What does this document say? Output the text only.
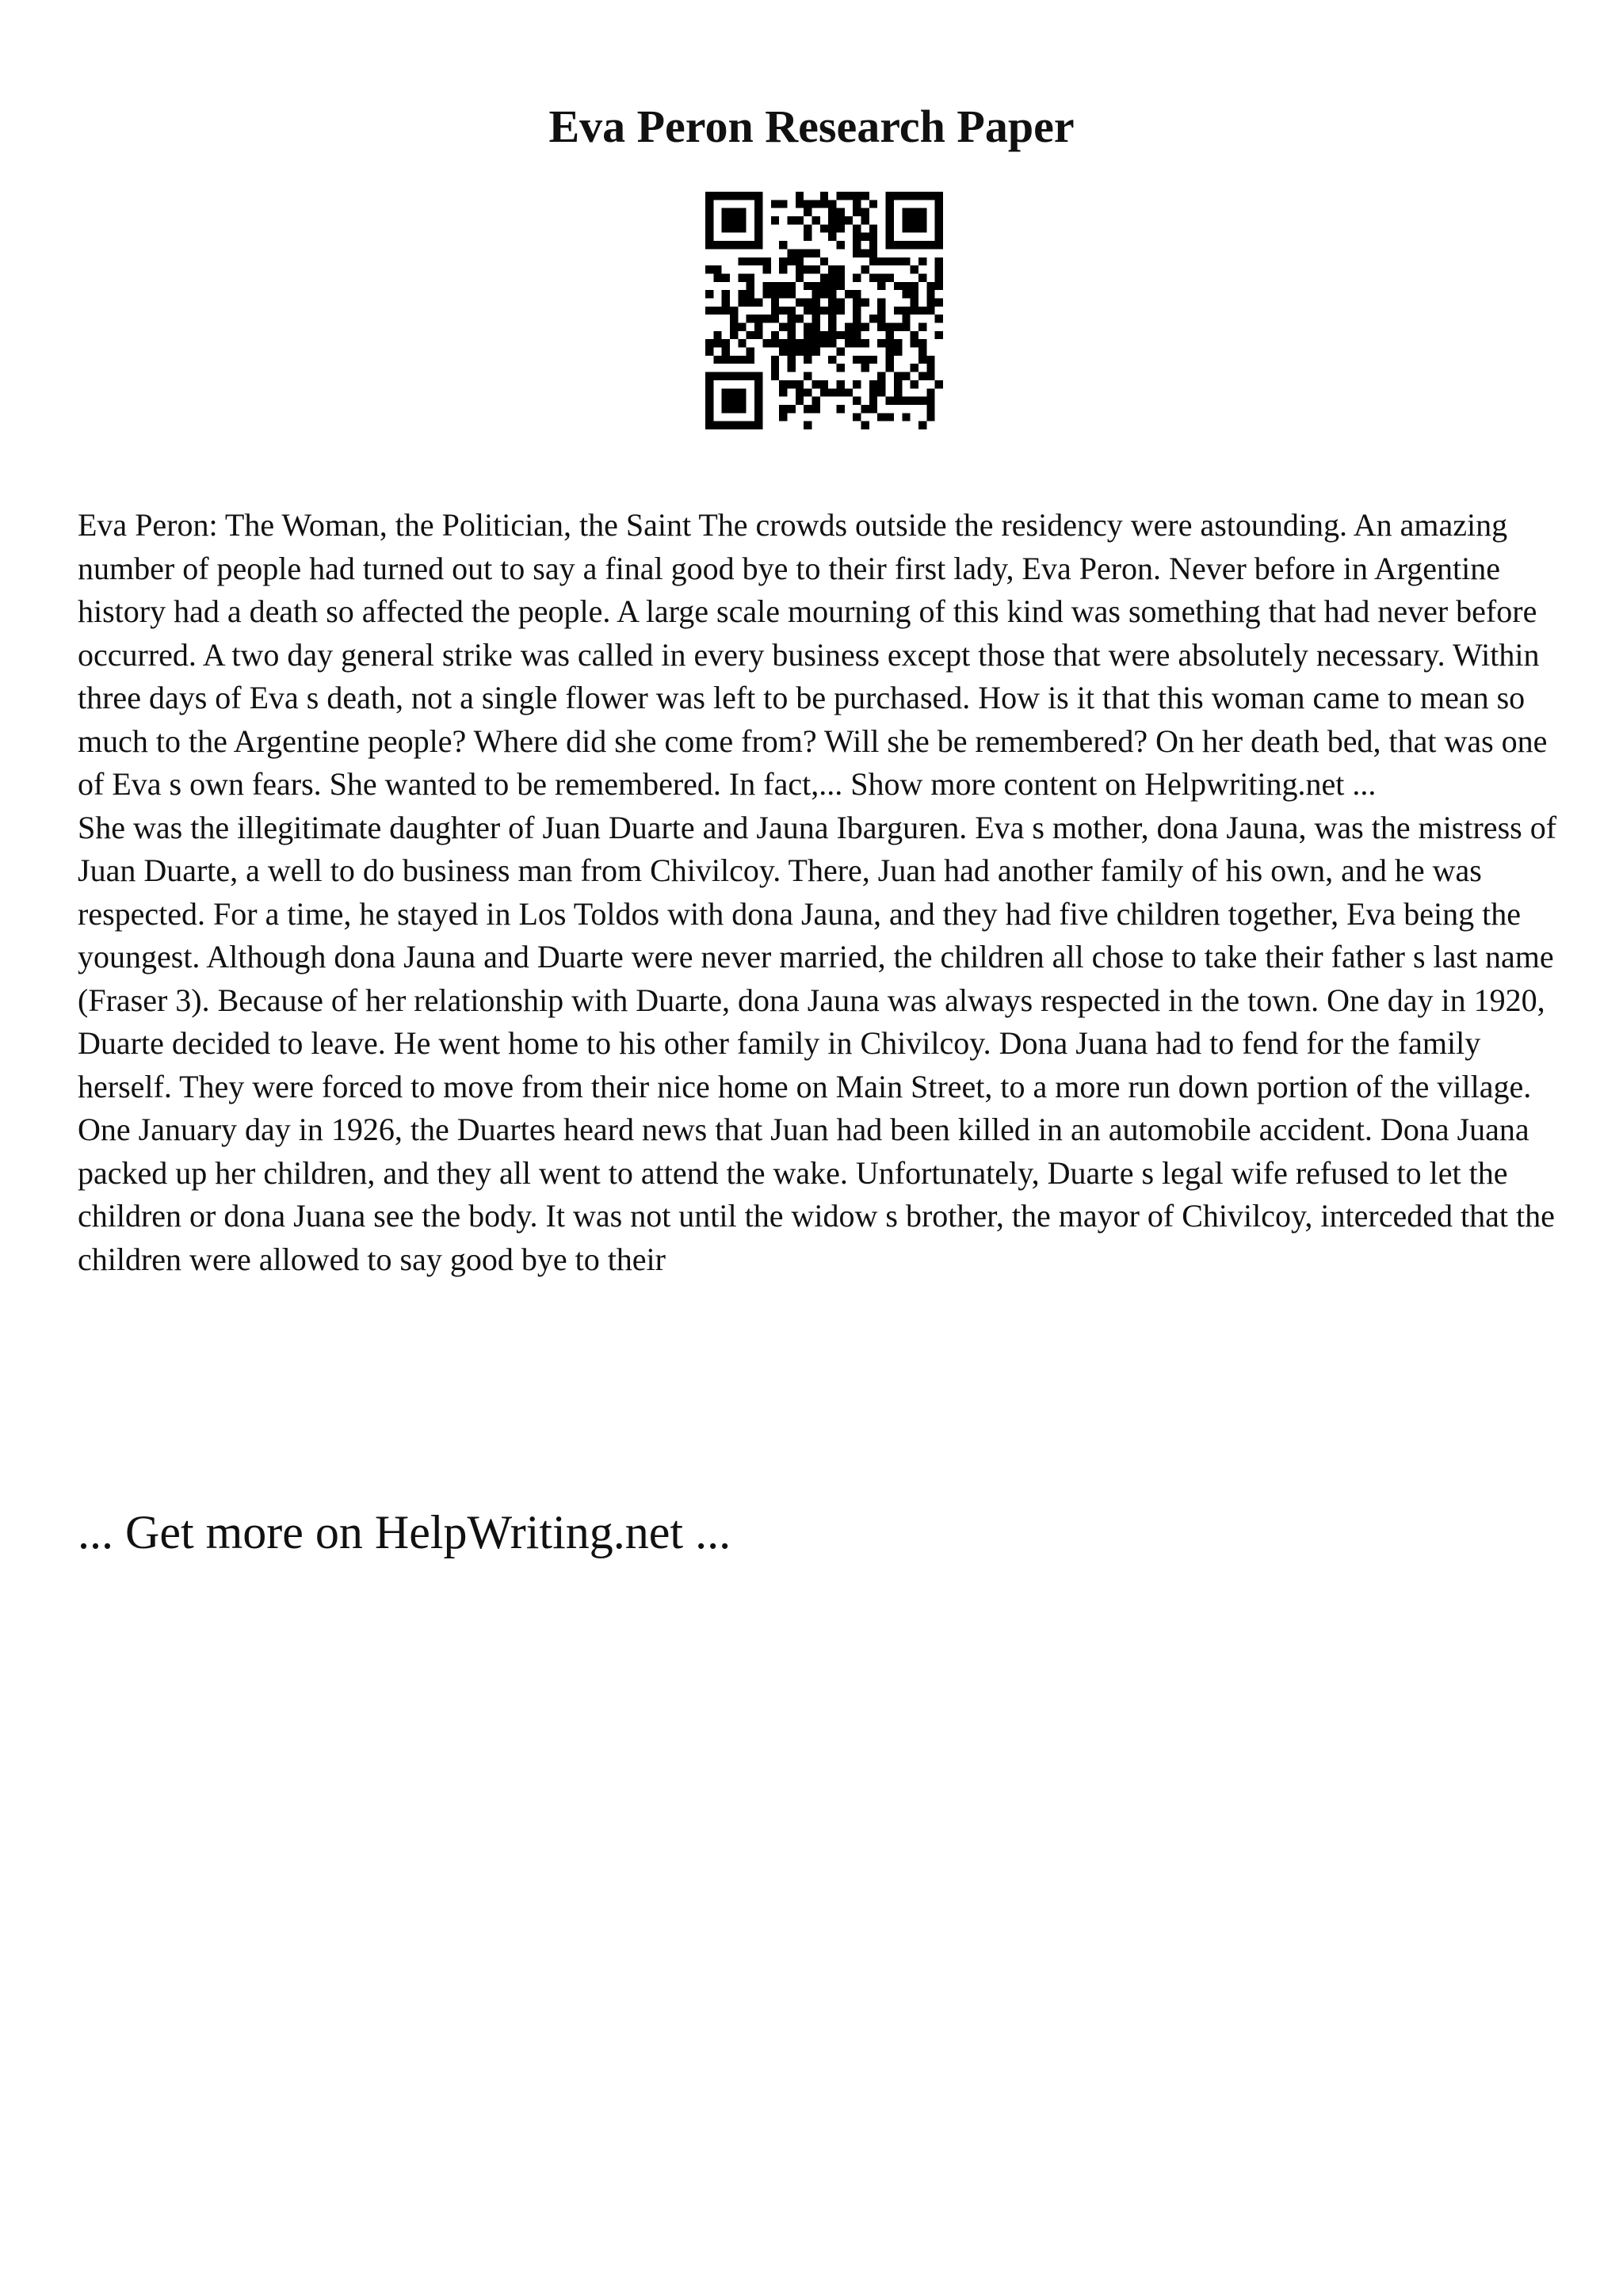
Eva Peron Research Paper

Eva Peron: The Woman, the Politician, the Saint The crowds outside the residency were astounding. An amazing number of people had turned out to say a final good bye to their first lady, Eva Peron. Never before in Argentine history had a death so affected the people. A large scale mourning of this kind was something that had never before occurred. A two day general strike was called in every business except those that were absolutely necessary. Within three days of Eva s death, not a single flower was left to be purchased. How is it that this woman came to mean so much to the Argentine people? Where did she come from? Will she be remembered? On her death bed, that was one of Eva s own fears. She wanted to be remembered. In fact,... Show more content on Helpwriting.net ...

She was the illegitimate daughter of Juan Duarte and Jauna Ibarguren. Eva s mother, dona Jauna, was the mistress of Juan Duarte, a well to do business man from Chivilcoy. There, Juan had another family of his own, and he was respected. For a time, he stayed in Los Toldos with dona Jauna, and they had five children together, Eva being the youngest. Although dona Jauna and Duarte were never married, the children all chose to take their father s last name (Fraser 3). Because of her relationship with Duarte, dona Jauna was always respected in the town. One day in 1920, Duarte decided to leave. He went home to his other family in Chivilcoy. Dona Juana had to fend for the family herself. They were forced to move from their nice home on Main Street, to a more run down portion of the village. One January day in 1926, the Duartes heard news that Juan had been killed in an automobile accident. Dona Juana packed up her children, and they all went to attend the wake. Unfortunately, Duarte s legal wife refused to let the children or dona Juana see the body. It was not until the widow s brother, the mayor of Chivilcoy, interceded that the children were allowed to say good bye to their

... Get more on HelpWriting.net ...
